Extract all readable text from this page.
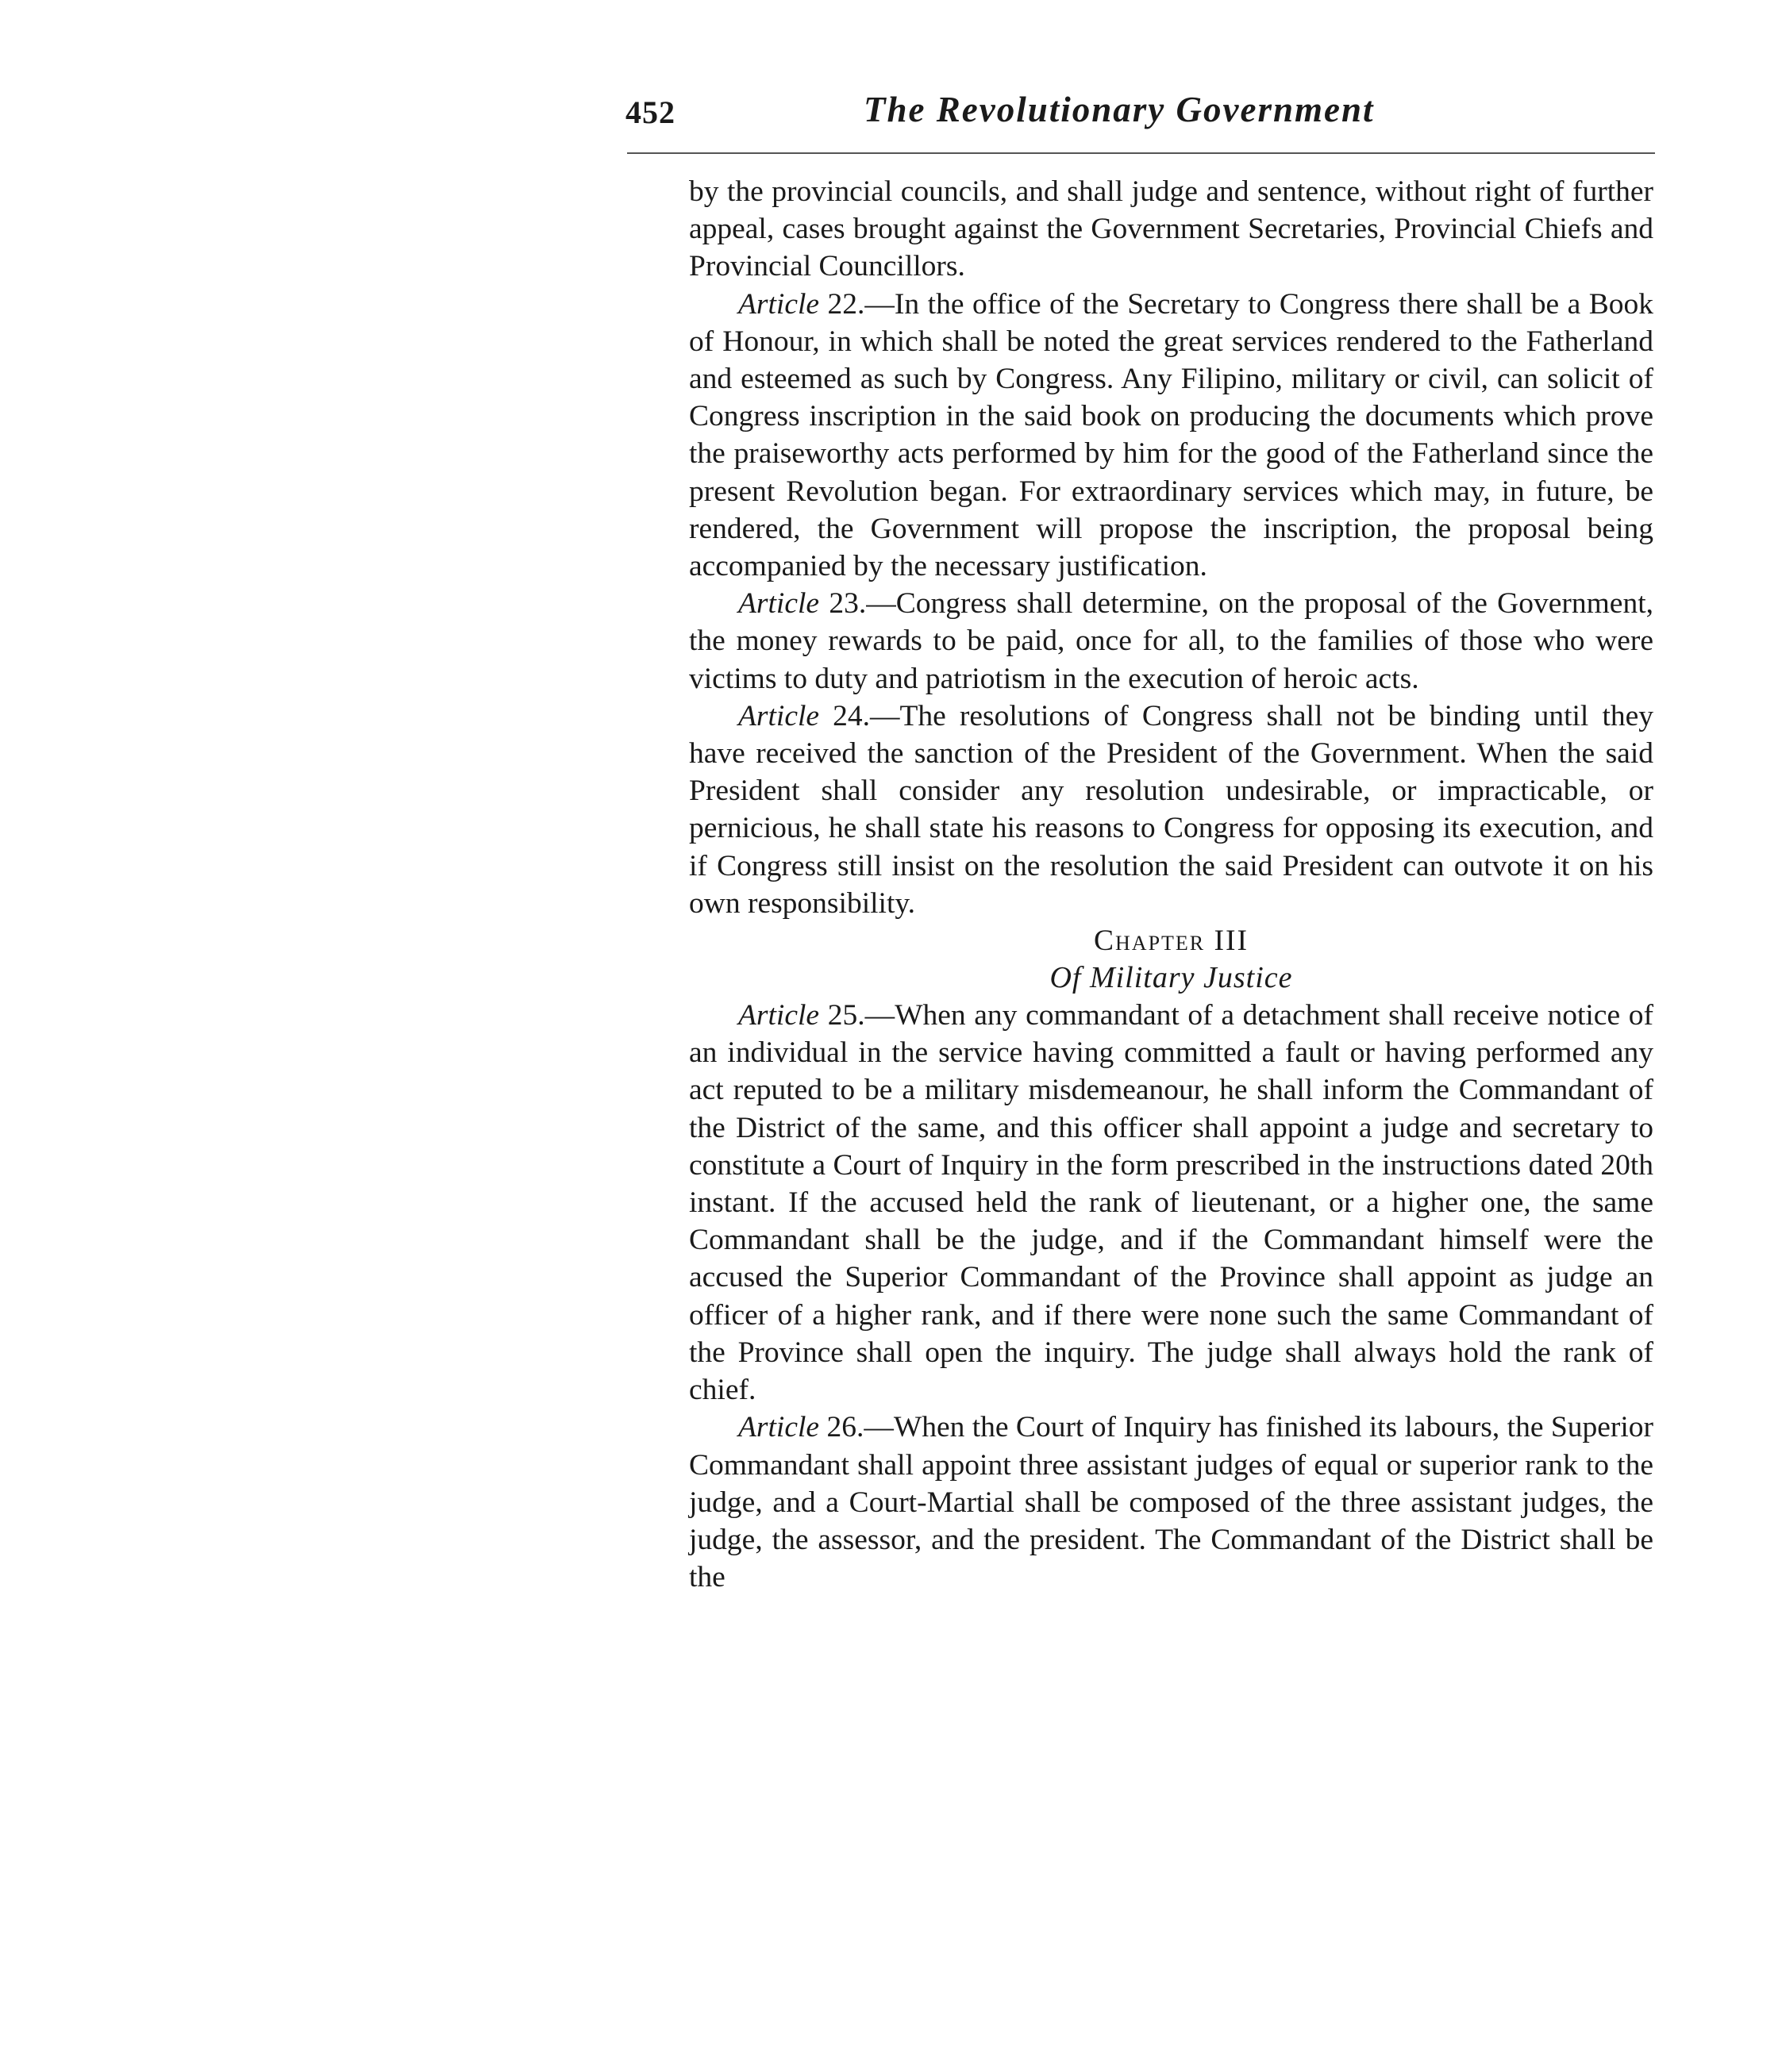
452	The Revolutionary Government

by the provincial councils, and shall judge and sentence, without right of further appeal, cases brought against the Government Secretaries, Provincial Chiefs and Provincial Councillors.

Article 22.—In the office of the Secretary to Congress there shall be a Book of Honour, in which shall be noted the great services rendered to the Fatherland and esteemed as such by Congress. Any Filipino, military or civil, can solicit of Congress inscription in the said book on producing the documents which prove the praiseworthy acts performed by him for the good of the Fatherland since the present Revolution began. For extraordinary services which may, in future, be rendered, the Government will propose the inscription, the proposal being accompanied by the necessary justification.

Article 23.—Congress shall determine, on the proposal of the Government, the money rewards to be paid, once for all, to the families of those who were victims to duty and patriotism in the execution of heroic acts.

Article 24.—The resolutions of Congress shall not be binding until they have received the sanction of the President of the Government. When the said President shall consider any resolution undesirable, or impracticable, or pernicious, he shall state his reasons to Congress for opposing its execution, and if Congress still insist on the resolution the said President can outvote it on his own responsibility.

Chapter III

Of Military Justice

Article 25.—When any commandant of a detachment shall receive notice of an individual in the service having committed a fault or having performed any act reputed to be a military misdemeanour, he shall inform the Commandant of the District of the same, and this officer shall appoint a judge and secretary to constitute a Court of Inquiry in the form prescribed in the instructions dated 20th instant. If the accused held the rank of lieutenant, or a higher one, the same Commandant shall be the judge, and if the Commandant himself were the accused the Superior Commandant of the Province shall appoint as judge an officer of a higher rank, and if there were none such the same Commandant of the Province shall open the inquiry. The judge shall always hold the rank of chief.

Article 26.—When the Court of Inquiry has finished its labours, the Superior Commandant shall appoint three assistant judges of equal or superior rank to the judge, and a Court-Martial shall be composed of the three assistant judges, the judge, the assessor, and the president. The Commandant of the District shall be the
